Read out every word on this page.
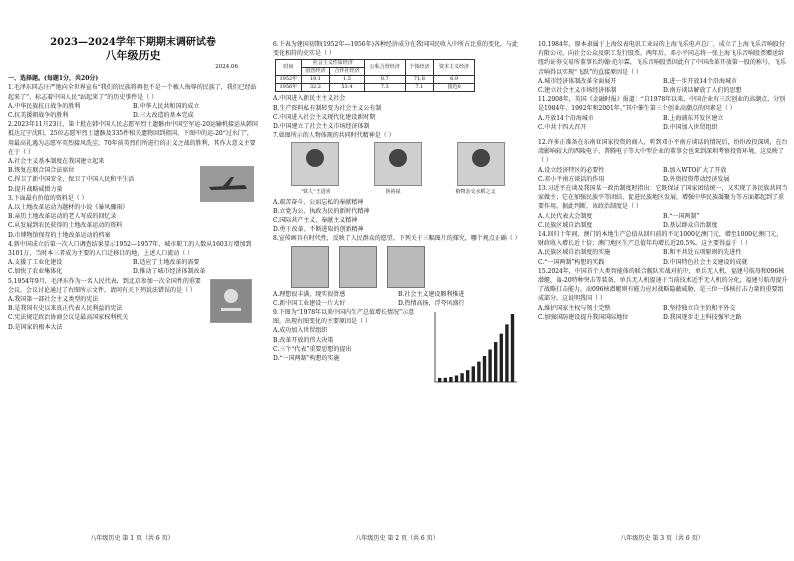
2023—2024学年下期期末调研试卷
八年级历史
2024.06
一、选择题。(每题1分，共20分)

1.毛泽东同志庄严地向全世界宣布“我们的民族将再也不是一个被人侮辱的民族了，我们已经站起来了”，标志着中国人民“站起来了”的历史事件是（ ）

A.中华民族抗日战争的胜利	B.中华人民共和国的成立
C.抗美援朝战争的胜利	D.三大改造的基本完成

2.2023年11月23日，第十批在韩中国人民志愿军烈士遗骸由中国空军运-20运输机接运从韩国抵达辽宁沈阳，25位志愿军烈士遗骸及335件相关遗物回到祖国。下图中的运-20“过水门”，用最高礼遇为志愿军英烈接风洗尘。70年前英烈们所进行的正义之战的胜利，其作大意义主要在于（ ）

A.社会主义基本制度在我国建立起来
B.恢复在联合国合法席位
C.捍卫了新中国安全，保卫了中国人民和平生活
D.提升战略威慑力量

3.下面最有价值的资料是（ ）

A.以土地改革运动为题材的小说《暴风骤雨》
B.亲历土地改革运动的老人写成的回忆录
C.从发展到农民获得的土地改革运动的资料
D.市博物馆保存的土地改革运动的档案

4.新中国成立后第一次人口调查结果显示1952—1957年，城市职工的人数从1603万增加到3101万，当时本三者成为主要的人口迁移目的地，上述人口流动（ ）

A.支援了工业化建设	B.适应了土地改革的需要
C.加快了农业集体化	D.推动了城市经济体制改革

5.1954年9月，毛泽东作为一名人民代表，到北京参加一次全国性的重要会议，会议讨论通过了右图所示文件，请问有关下列说法错误的是（ ）

A.我国第一部社会主义类型的宪法
B.是我国有史以来真正代表人民利益的宪法
C.宪法规定政治协商会议是最高国家权利机关
D.是国家的根本大法
八年级历史 第 1 页（共 6 页）

6.下表为建国初期(1952年—1956年)各种经济成分在我国国民收入中所占比重的变化，与此变化相符的史实是（ ）

时间	社会主义性质经济		公私合营经济	个体经济	资本主义经济
	国营经济	合作社经济			
1952年	19.1	1.5	0.7	71.8	6.9
1956年	32.2	53.4	7.3	7.1	接近0
A.中国进入新民主主义社会
B.生产资料私有制转变为社会主义公有制
C.中国进入社会主义现代化建设新时期
D.中国建立了社会主义市场经济体制

7.如图所示的人物体现的共同时代精神是（ ）

“铁人”王进喜	焦裕禄	植物杂交水稻之父
A.艰苦奋斗、公而忘私的奉献精神
B.立党为公、执政为民的新时代精神
C.国际共产主义、奉献主义精神
D.勇于改革、不断进取的创新精神

8.宣传画具有时代性，反映了人民群众的愿望。下列关于三幅图片的探究，哪个观点正确（ ）

A.理想很丰满，现实很骨感	B.社会主义建设顺利推进
C.新中国工业建设一片大好	D.热情高扬，浮夸风盛行

9.下图为“1978年以来中国内生产总值增长情况”示意图，出现右图变化的主要原因是（ ）

A.成功加入世贸组织
B.改革开放的伟大决策
C.三个“代表”重要思想的提出
D.“一国两制”构想的实施
八年级历史 第 2 页（共 6 页）

10.1984年，原本隶属于上海仪表电讯工业局的上海飞乐电声总厂，成立了上海飞乐音响股份有限公司，向社会公众及职工发行股票。两年后，邓小平同志将一张上海飞乐音响股票赠送给纽约证券交易所董事长约翰·范尔霖，飞乐音响股票因此有了中国改革开放第一股的称号，飞乐音响得以实现“飞跃”的直接原因是（ ）

A.城市经济体制改革全面展开	B.进一步开放14个沿海城市
C.建立社会主义市场经济体制	D.南方谈话解放了人们的思想

11.2008年，英国《金融时报》报道：“自1978年以来，中国企业有三次创业的高潮点，分别是1984年、1992年和2001年。”其中催生第三个创业高潮点的因素是（ ）

A.开放14个沿海城市	B.上海浦东开发区建立
C.中共十四大召开	D.中国加入世贸组织

12.许多正准备在东南亚国家投资的商人，听到邓小平南方谈话的情况后，纷纷改投深圳，在台湾影响较大的西陵电子、普腾电子等大中型企业的董事会也来到深圳考察投资环境，这反映了（ ）

A.设立经济特区的必要性	B.加入WTO扩大了开放
C.邓小平南方谈话的作用	D.外资投资带动经济发展

13.习近平在谈及我国某一政治制度时指出：它既保证了国家团结统一，又实现了各民族共同当家做主；它在加强民族平等团结、促进民族地区发展，增强中华民族凝聚力等方面都起到了重要作用。据此判断，该政治制度是（ ）

A.人民代表大会制度	B.“一国两制”
C.民族区域自治制度	D.基层群众自治制度

14.回归十年间，澳门的本地生产总值从回归前的不足1000亿澳门元，增至1000亿澳门元，财政收入增长近十倍；澳门地区生产总值年均增长近20.5%。这主要得益于（ ）

A.民族区域自治制度的实施	B.和平共处五项原则的先进性
C.“一国两制”构想的实践	D.中国特色社会主义建设的成就

15.2024年，中国首个人类智能体的联合舰队实战对抗中，单兵无人机，福建号航母和096核潜艇，轰-20特种突击等装备，单兵无人机提速于当前技术近乎无人机的分化，福建号航母提升了战略打击能力，而096核潜艇则有能力应对战略隐蔽威胁，是三位一体核打击力量的重要组成部分。这说明我国（ ）

A.维护国家主权与领土完整	B.坚持独立自主的和平外交
C.加强国防建设提升我国国际地位	D.我国逐步走上科技强军之路
八年级历史 第 3 页（共 6 页）
